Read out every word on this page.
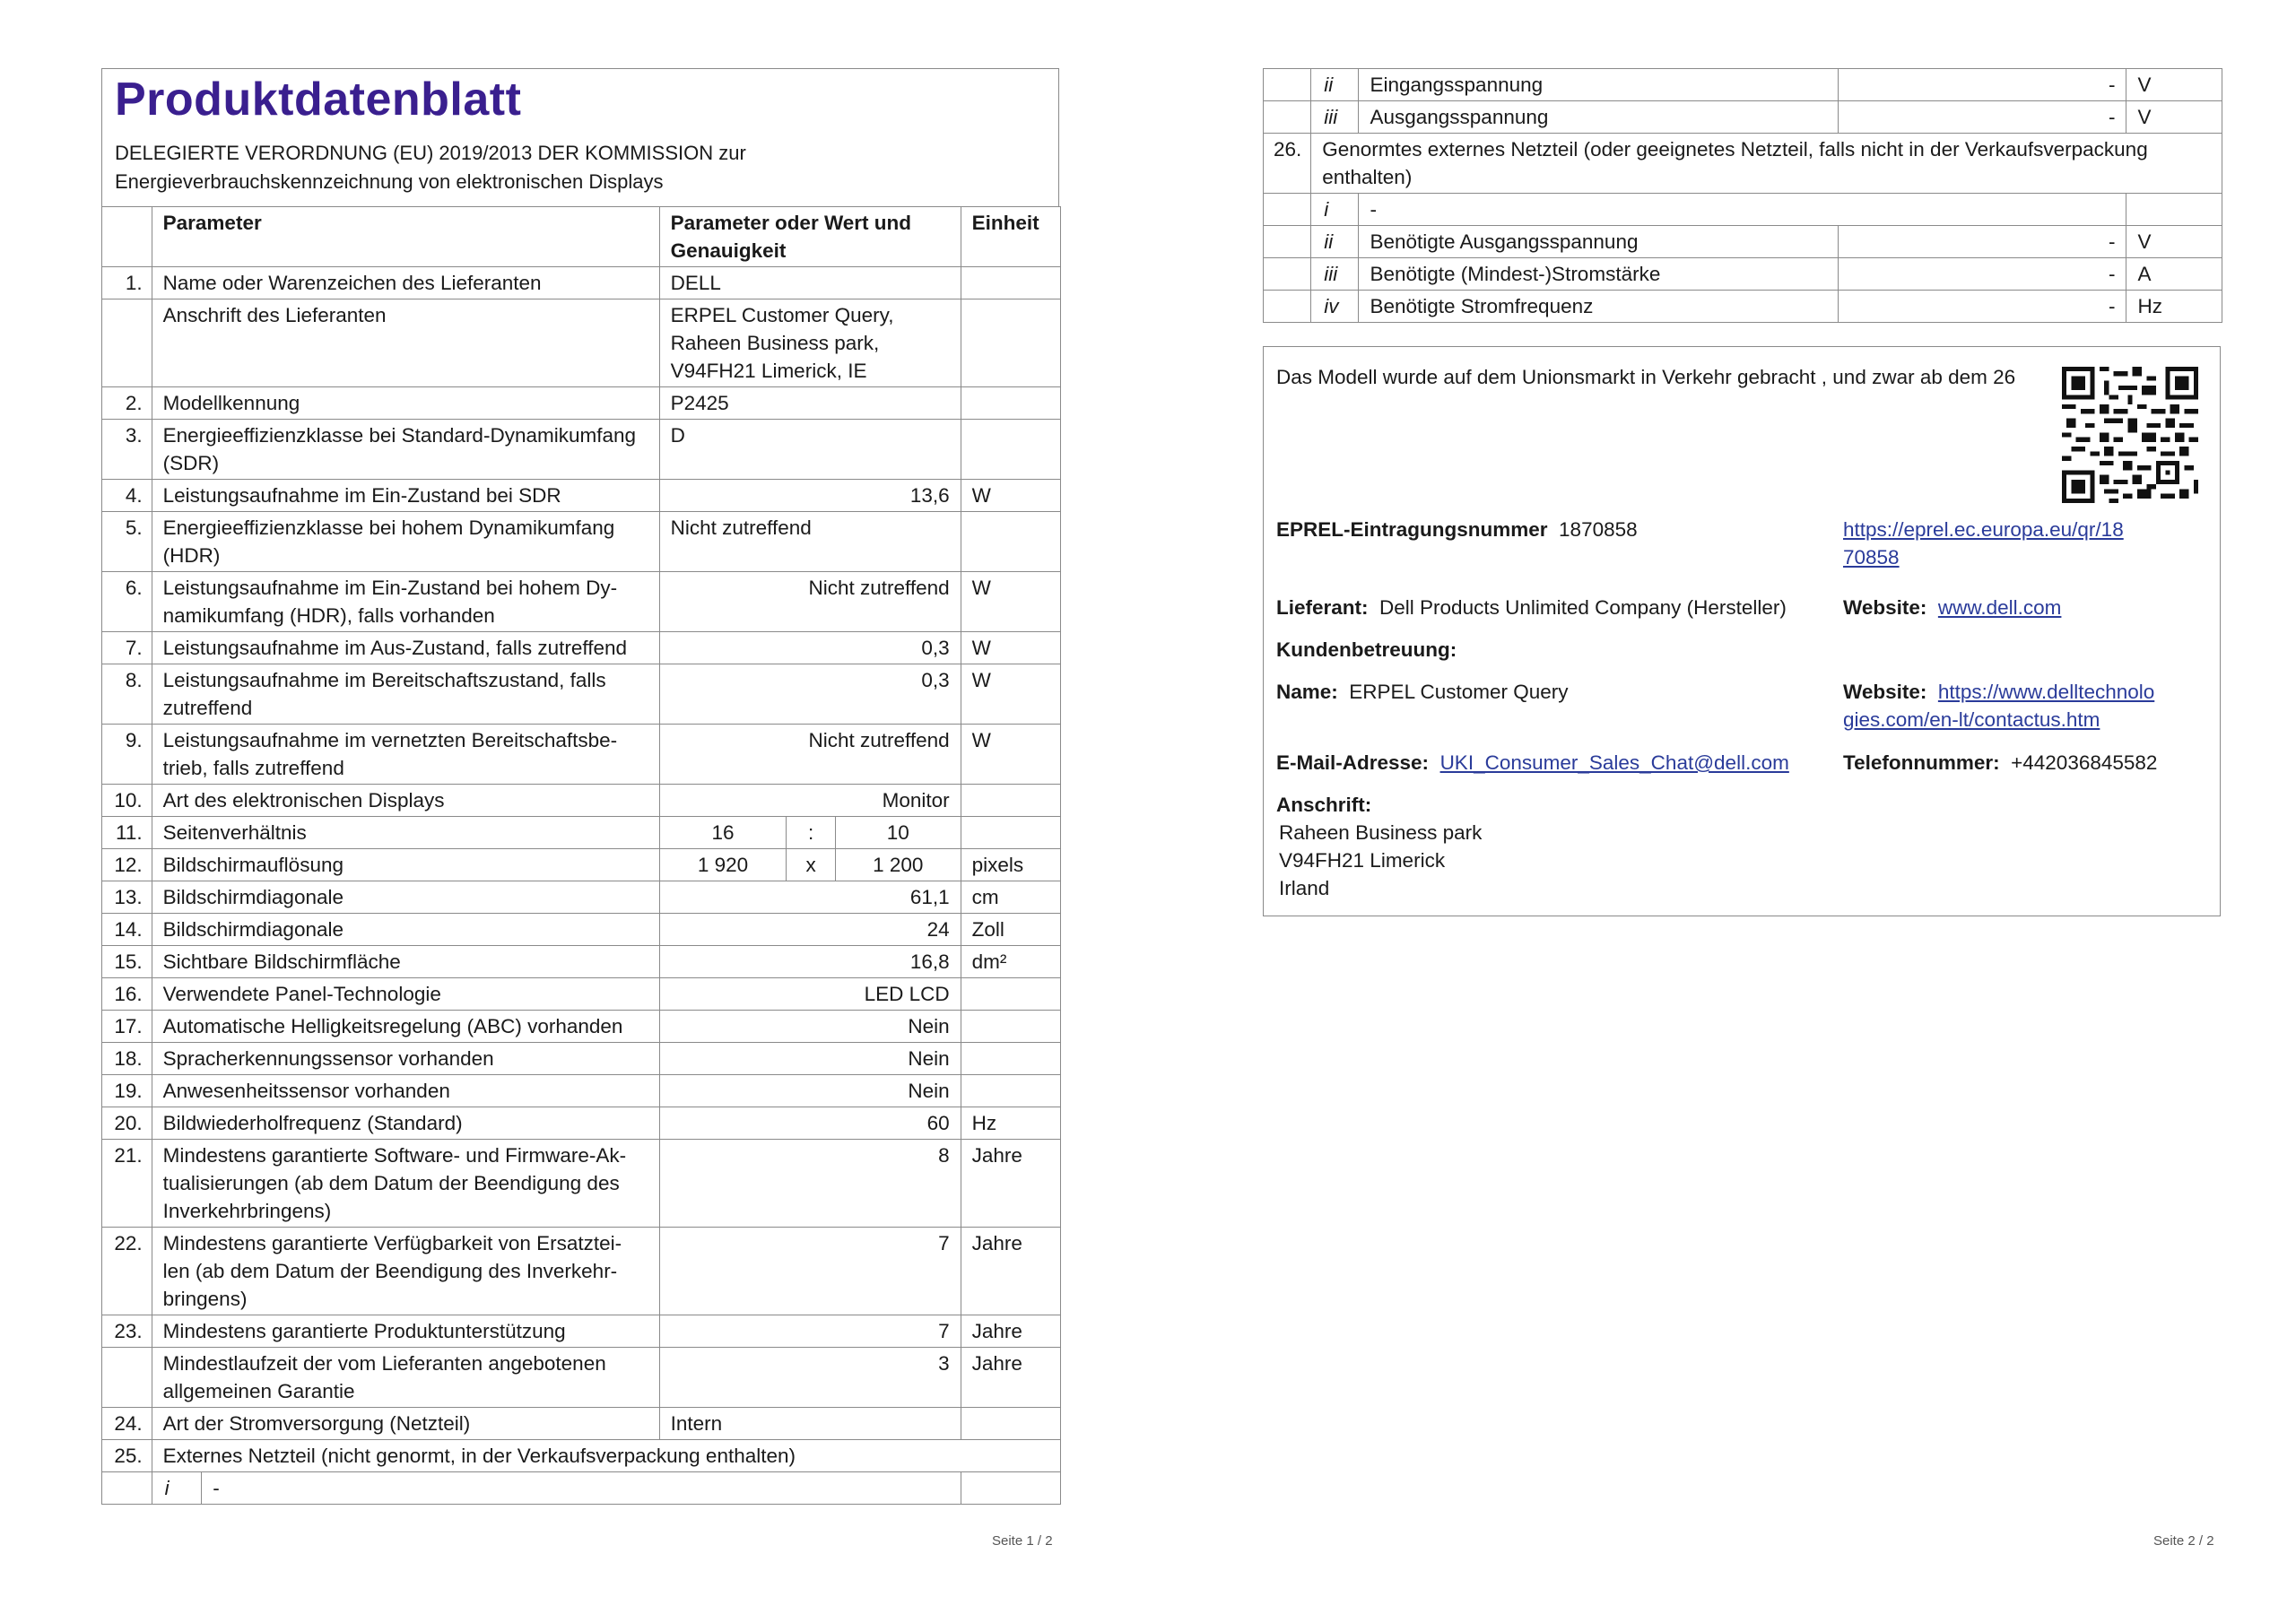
Produktdatenblatt
DELEGIERTE VERORDNUNG (EU) 2019/2013 DER KOMMISSION zur Energieverbrauchskennzeichnung von elektronischen Displays
	Parameter		Parameter oder Wert und Genauigkeit			Einheit
1.	Name oder Warenzeichen des Lieferanten		DELL			
	Anschrift des Lieferanten		ERPEL Customer Query, Raheen Business park, V94FH21 Limerick, IE			
2.	Modellkennung		P2425			
3.	Energieeffizienzklasse bei Standard-Dynamikumfang (SDR)		D			
4.	Leistungsaufnahme im Ein-Zustand bei SDR		13,6			W
5.	Energieeffizienzklasse bei hohem Dynamikumfang (HDR)		Nicht zutreffend			
6.	Leistungsaufnahme im Ein-Zustand bei hohem Dy-namikumfang (HDR), falls vorhanden		Nicht zutreffend			W
7.	Leistungsaufnahme im Aus-Zustand, falls zutreffend		0,3			W
8.	Leistungsaufnahme im Bereitschaftszustand, falls zutreffend		0,3			W
9.	Leistungsaufnahme im vernetzten Bereitschaftsbe-trieb, falls zutreffend		Nicht zutreffend			W
10.	Art des elektronischen Displays		Monitor			
11.	Seitenverhältnis		16	:	10	
12.	Bildschirmauflösung		1 920	x	1 200	pixels
13.	Bildschirmdiagonale		61,1			cm
14.	Bildschirmdiagonale		24			Zoll
15.	Sichtbare Bildschirmfläche		16,8			dm²
16.	Verwendete Panel-Technologie		LED LCD			
17.	Automatische Helligkeitsregelung (ABC) vorhanden		Nein			
18.	Spracherkennungssensor vorhanden		Nein			
19.	Anwesenheitssensor vorhanden		Nein			
20.	Bildwiederholfrequenz (Standard)		60			Hz
21.	Mindestens garantierte Software- und Firmware-Ak-tualisierungen (ab dem Datum der Beendigung des Inverkehrbringens)		8			Jahre
22.	Mindestens garantierte Verfügbarkeit von Ersatztei-len (ab dem Datum der Beendigung des Inverkehr-bringens)		7			Jahre
23.	Mindestens garantierte Produktunterstützung		7			Jahre
	Mindestlaufzeit der vom Lieferanten angebotenen allgemeinen Garantie		3			Jahre
24.	Art der Stromversorgung (Netzteil)		Intern			
25.	Externes Netzteil (nicht genormt, in der Verkaufsverpackung enthalten)					
	i	-				
Seite 1 / 2
	ii	Eingangsspannung	-	V
	iii	Ausgangsspannung	-	V
26.	Genormtes externes Netzteil (oder geeignetes Netzteil, falls nicht in der Verkaufsverpackung enthalten)			
	i	-		
	ii	Benötigte Ausgangsspannung	-	V
	iii	Benötigte (Mindest-)Stromstärke	-	A
	iv	Benötigte Stromfrequenz	-	Hz
Das Modell wurde auf dem Unionsmarkt in Verkehr gebracht , und zwar ab dem 26
EPREL-Eintragungsnummer 1870858	https://eprel.ec.europa.eu/qr/18
70858
Lieferant: Dell Products Unlimited Company (Hersteller)	Website: www.dell.com
Kundenbetreuung:
Name: ERPEL Customer Query	Website: https://www.delltechnolo
gies.com/en-lt/contactus.htm
E-Mail-Adresse: UKI_Consumer_Sales_Chat@dell.com	Telefonnummer: +442036845582
Anschrift:
Raheen Business park
V94FH21 Limerick
Irland
Seite 2 / 2
